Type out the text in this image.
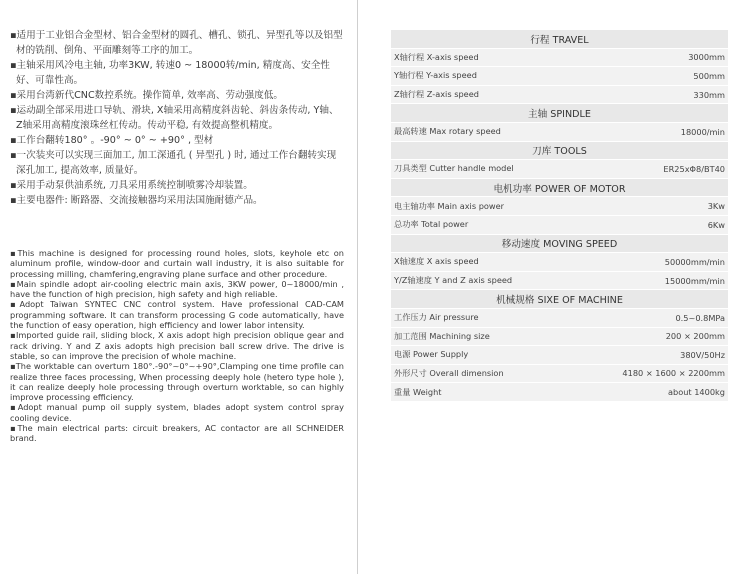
▪适用于工业铝合金型材、铝合金型材的圆孔、槽孔、锁孔、异型孔等以及铝型材的铣削、倒角、平面雕刻等工序的加工。

▪主轴采用风冷电主轴, 功率3KW, 转速0 ~ 18000转/min, 精度高、安全性好、可靠性高。

▪采用台湾新代CNC数控系统。操作简单, 效率高、劳动强度低。

▪运动副全部采用进口导轨、滑块, X轴采用高精度斜齿轮、斜齿条传动, Y轴、Z轴采用高精度滚珠丝杠传动。传动平稳, 有效提高整机精度。

▪工作台翻转180° 。-90° ~ 0° ~ +90° , 型材

▪一次装夹可以实现三面加工, 加工深通孔 ( 异型孔 ) 时, 通过工作台翻转实现深孔加工, 提高效率, 质量好。

▪采用手动泵供油系统, 刀具采用系统控制喷雾冷却装置。

▪主要电器件: 断路器、交流接触器均采用法国施耐德产品。

▪This machine is designed for processing round holes, slots, keyhole etc on aluminum profile, window-door and curtain wall industry, it is also suitable for processing milling, chamfering,engraving plane surface and other procedure.

▪Main spindle adopt air-cooling electric main axis, 3KW power, 0~18000/min , have the function of high precision, high safety and high reliable.

▪Adopt Taiwan SYNTEC CNC control system. Have professional CAD-CAM programming software. It can transform processing G code automatically, have the function of easy operation, high efficiency and lower labor intensity.

▪Imported guide rail, sliding block, X axis adopt high precision oblique gear and rack driving. Y and Z axis adopts high precision ball screw drive. The drive is stable, so can improve the precision of whole machine.

▪The worktable can overturn 180°.-90°~0°~+90°,Clamping one time profile can realize three faces processing, When processing deeply hole (hetero type hole ), it can realize deeply hole processing through overturn worktable, so can highly improve processing efficiency.

▪Adopt manual pump oil supply system, blades adopt system control spray cooling device.

▪The main electrical parts: circuit breakers, AC contactor are all SCHNEIDER brand.

行程 TRAVEL	
X轴行程 X-axis speed	3000mm
Y轴行程 Y-axis speed	500mm
Z轴行程 Z-axis speed	330mm
主轴 SPINDLE	
最高转速 Max rotary speed	18000/min
刀库 TOOLS	
刀具类型 Cutter handle model	ER25xΦ8/BT40
电机功率 POWER OF MOTOR	
电主轴功率 Main axis power	3Kw
总功率 Total power	6Kw
移动速度 MOVING SPEED	
X轴速度 X axis speed	50000mm/min
Y/Z轴速度 Y and Z axis speed	15000mm/min
机械规格 SIXE OF MACHINE	
工作压力 Air pressure	0.5~0.8MPa
加工范围 Machining size	200 × 200mm
电源 Power Supply	380V/50Hz
外形尺寸 Overall dimension	4180 × 1600 × 2200mm
重量 Weight	about 1400kg
